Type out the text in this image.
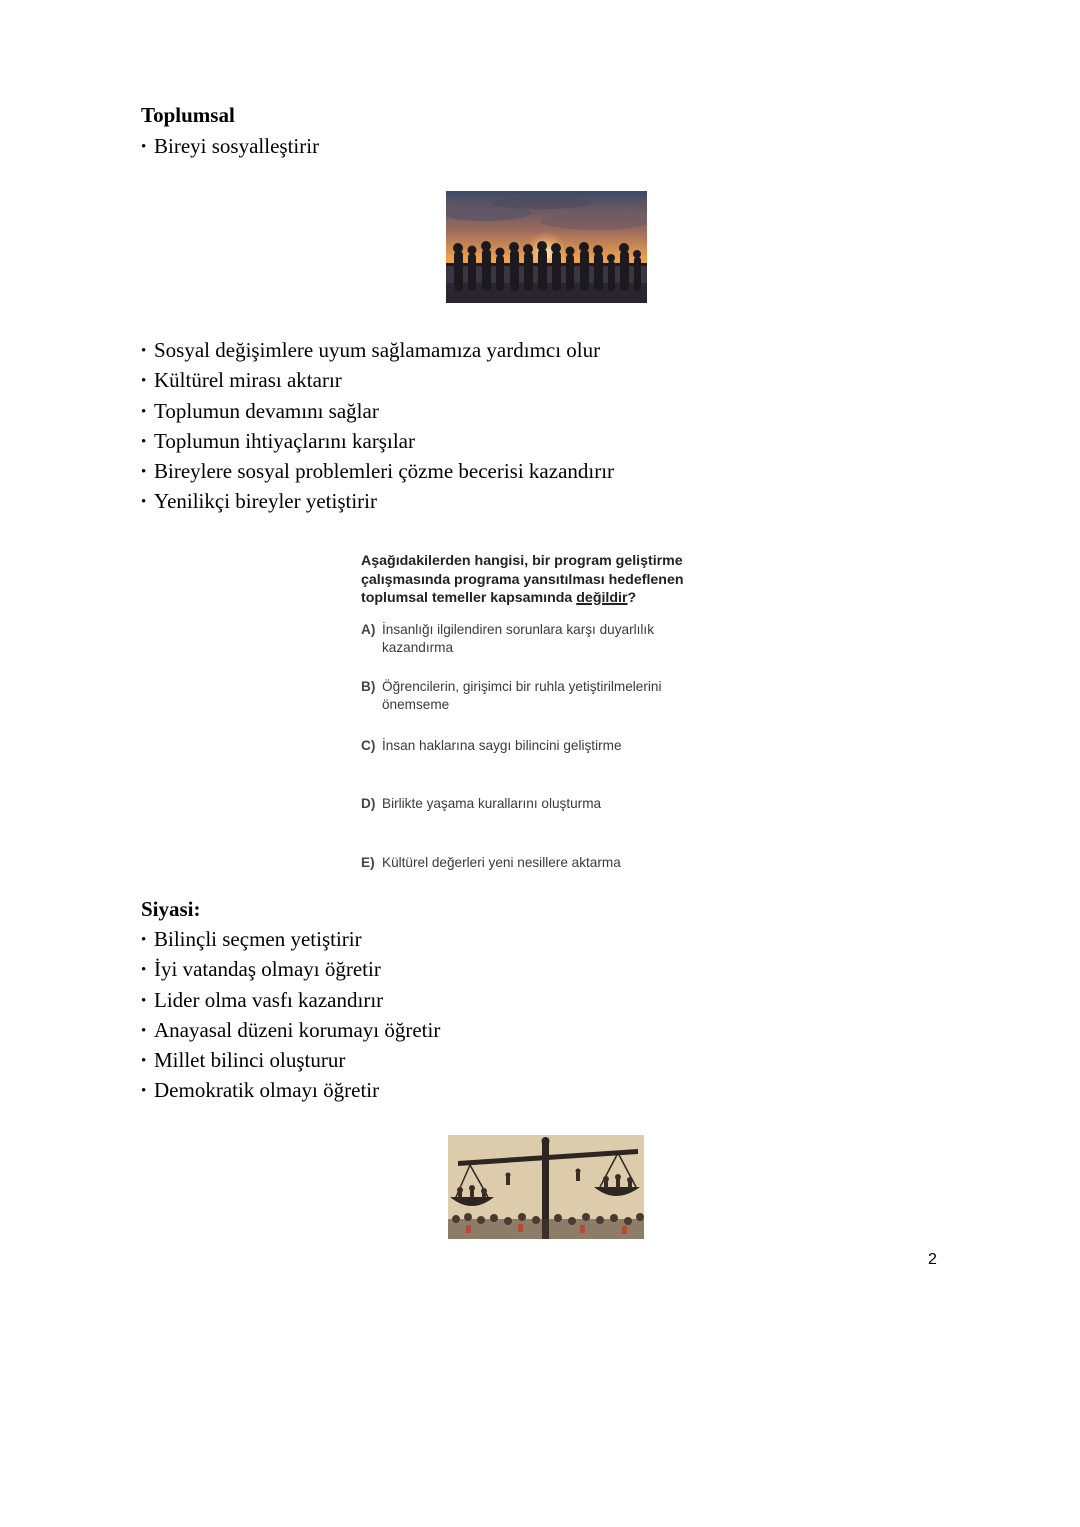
Toplumsal
• Bireyi sosyalleştirir
• Sosyal değişimlere uyum sağlamamıza yardımcı olur
• Kültürel mirası aktarır
• Toplumun devamını sağlar
• Toplumun ihtiyaçlarını karşılar
• Bireylere sosyal problemleri çözme becerisi kazandırır
• Yenilikçi bireyler yetiştirir
Aşağıdakilerden hangisi, bir program geliştirme çalışmasında programa yansıtılması hedeflenen toplumsal temeller kapsamında değildir?
A) İnsanlığı ilgilendiren sorunlara karşı duyarlılık kazandırma
B) Öğrencilerin, girişimci bir ruhla yetiştirilmelerini önemseme
C) İnsan haklarına saygı bilincini geliştirme
D) Birlikte yaşama kurallarını oluşturma
E) Kültürel değerleri yeni nesillere aktarma
Siyasi:
• Bilinçli seçmen yetiştirir
• İyi vatandaş olmayı öğretir
• Lider olma vasfı kazandırır
• Anayasal düzeni korumayı öğretir
• Millet bilinci oluşturur
• Demokratik olmayı öğretir
2
